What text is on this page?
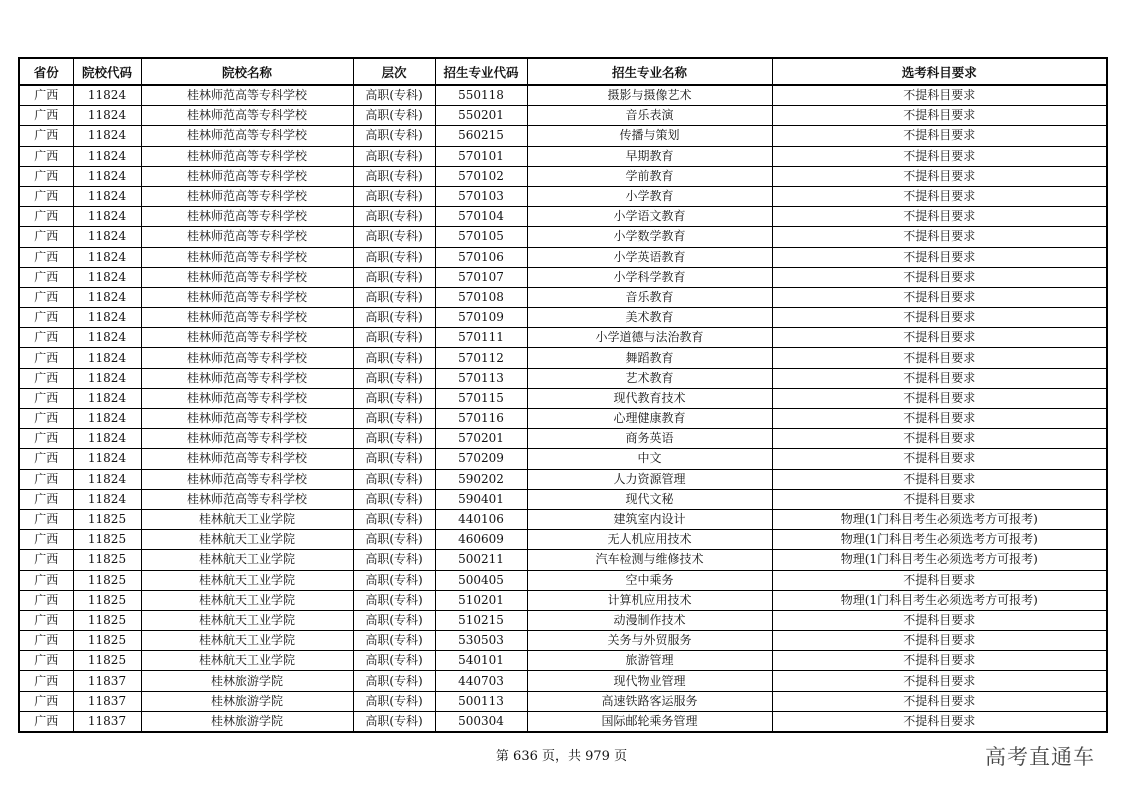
省份	院校代码	院校名称	层次	招生专业代码	招生专业名称	选考科目要求
广西	11824	桂林师范高等专科学校	高职(专科)	550118	摄影与摄像艺术	不提科目要求
广西	11824	桂林师范高等专科学校	高职(专科)	550201	音乐表演	不提科目要求
广西	11824	桂林师范高等专科学校	高职(专科)	560215	传播与策划	不提科目要求
广西	11824	桂林师范高等专科学校	高职(专科)	570101	早期教育	不提科目要求
广西	11824	桂林师范高等专科学校	高职(专科)	570102	学前教育	不提科目要求
广西	11824	桂林师范高等专科学校	高职(专科)	570103	小学教育	不提科目要求
广西	11824	桂林师范高等专科学校	高职(专科)	570104	小学语文教育	不提科目要求
广西	11824	桂林师范高等专科学校	高职(专科)	570105	小学数学教育	不提科目要求
广西	11824	桂林师范高等专科学校	高职(专科)	570106	小学英语教育	不提科目要求
广西	11824	桂林师范高等专科学校	高职(专科)	570107	小学科学教育	不提科目要求
广西	11824	桂林师范高等专科学校	高职(专科)	570108	音乐教育	不提科目要求
广西	11824	桂林师范高等专科学校	高职(专科)	570109	美术教育	不提科目要求
广西	11824	桂林师范高等专科学校	高职(专科)	570111	小学道德与法治教育	不提科目要求
广西	11824	桂林师范高等专科学校	高职(专科)	570112	舞蹈教育	不提科目要求
广西	11824	桂林师范高等专科学校	高职(专科)	570113	艺术教育	不提科目要求
广西	11824	桂林师范高等专科学校	高职(专科)	570115	现代教育技术	不提科目要求
广西	11824	桂林师范高等专科学校	高职(专科)	570116	心理健康教育	不提科目要求
广西	11824	桂林师范高等专科学校	高职(专科)	570201	商务英语	不提科目要求
广西	11824	桂林师范高等专科学校	高职(专科)	570209	中文	不提科目要求
广西	11824	桂林师范高等专科学校	高职(专科)	590202	人力资源管理	不提科目要求
广西	11824	桂林师范高等专科学校	高职(专科)	590401	现代文秘	不提科目要求
广西	11825	桂林航天工业学院	高职(专科)	440106	建筑室内设计	物理(1门科目考生必须选考方可报考)
广西	11825	桂林航天工业学院	高职(专科)	460609	无人机应用技术	物理(1门科目考生必须选考方可报考)
广西	11825	桂林航天工业学院	高职(专科)	500211	汽车检测与维修技术	物理(1门科目考生必须选考方可报考)
广西	11825	桂林航天工业学院	高职(专科)	500405	空中乘务	不提科目要求
广西	11825	桂林航天工业学院	高职(专科)	510201	计算机应用技术	物理(1门科目考生必须选考方可报考)
广西	11825	桂林航天工业学院	高职(专科)	510215	动漫制作技术	不提科目要求
广西	11825	桂林航天工业学院	高职(专科)	530503	关务与外贸服务	不提科目要求
广西	11825	桂林航天工业学院	高职(专科)	540101	旅游管理	不提科目要求
广西	11837	桂林旅游学院	高职(专科)	440703	现代物业管理	不提科目要求
广西	11837	桂林旅游学院	高职(专科)	500113	高速铁路客运服务	不提科目要求
广西	11837	桂林旅游学院	高职(专科)	500304	国际邮轮乘务管理	不提科目要求
第 636 页，共 979 页	高考直通车
